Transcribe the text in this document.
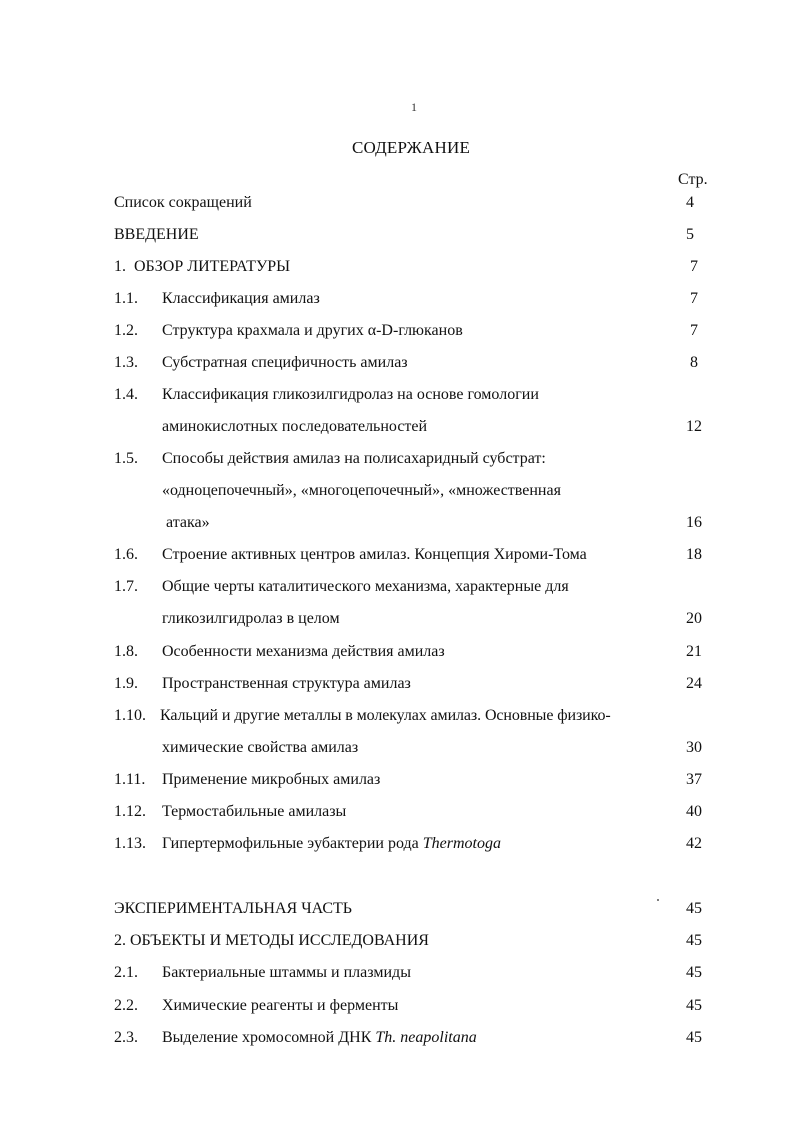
1
СОДЕРЖАНИЕ
Стр.
Список сокращений	4
ВВЕДЕНИЕ	5
1.  ОБЗОР ЛИТЕРАТУРЫ	7
1.1. Классификация амилаз	7
1.2. Структура крахмала и других α-D-глюканов	7
1.3. Субстратная специфичность амилаз	8
1.4. Классификация гликозилгидролаз на основе гомологии
аминокислотных последовательностей	12
1.5. Способы действия амилаз на полисахаридный субстрат:
«одноцепочечный», «многоцепочечный», «множественная
атака»	16
1.6. Строение активных центров амилаз. Концепция Хироми-Тома	18
1.7. Общие черты каталитического механизма, характерные для
гликозилгидролаз в целом	20
1.8. Особенности механизма действия амилаз	21
1.9. Пространственная структура амилаз	24
1.10. Кальций и другие металлы в молекулах амилаз. Основные физико-
химические свойства амилаз	30
1.11. Применение микробных амилаз	37
1.12. Термостабильные амилазы	40
1.13. Гипертермофильные эубактерии рода Thermotoga	42
ЭКСПЕРИМЕНТАЛЬНАЯ ЧАСТЬ	45
2. ОБЪЕКТЫ И МЕТОДЫ ИССЛЕДОВАНИЯ	45
2.1. Бактериальные штаммы и плазмиды	45
2.2. Химические реагенты и ферменты	45
2.3. Выделение хромосомной ДНК Th. neapolitana	45
